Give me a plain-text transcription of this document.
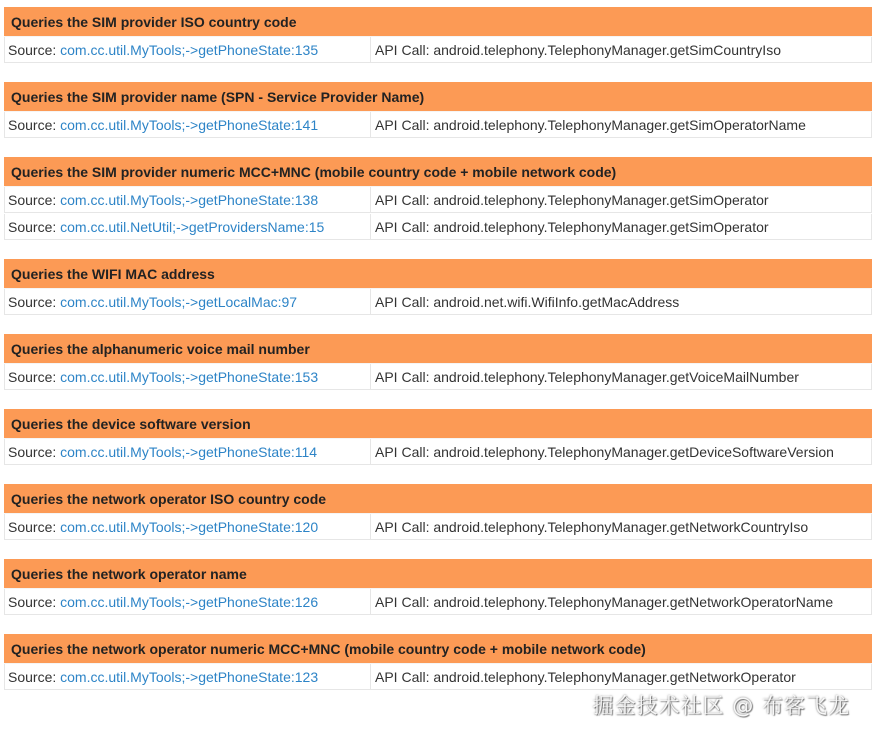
Queries the SIM provider ISO country code
Source: com.cc.util.MyTools;->getPhoneState:135	API Call: android.telephony.TelephonyManager.getSimCountryIso
Queries the SIM provider name (SPN - Service Provider Name)
Source: com.cc.util.MyTools;->getPhoneState:141	API Call: android.telephony.TelephonyManager.getSimOperatorName
Queries the SIM provider numeric MCC+MNC (mobile country code + mobile network code)
Source: com.cc.util.MyTools;->getPhoneState:138	API Call: android.telephony.TelephonyManager.getSimOperator
Source: com.cc.util.NetUtil;->getProvidersName:15	API Call: android.telephony.TelephonyManager.getSimOperator
Queries the WIFI MAC address
Source: com.cc.util.MyTools;->getLocalMac:97	API Call: android.net.wifi.WifiInfo.getMacAddress
Queries the alphanumeric voice mail number
Source: com.cc.util.MyTools;->getPhoneState:153	API Call: android.telephony.TelephonyManager.getVoiceMailNumber
Queries the device software version
Source: com.cc.util.MyTools;->getPhoneState:114	API Call: android.telephony.TelephonyManager.getDeviceSoftwareVersion
Queries the network operator ISO country code
Source: com.cc.util.MyTools;->getPhoneState:120	API Call: android.telephony.TelephonyManager.getNetworkCountryIso
Queries the network operator name
Source: com.cc.util.MyTools;->getPhoneState:126	API Call: android.telephony.TelephonyManager.getNetworkOperatorName
Queries the network operator numeric MCC+MNC (mobile country code + mobile network code)
Source: com.cc.util.MyTools;->getPhoneState:123	API Call: android.telephony.TelephonyManager.getNetworkOperator
掘金技术社区 @ 布客飞龙
